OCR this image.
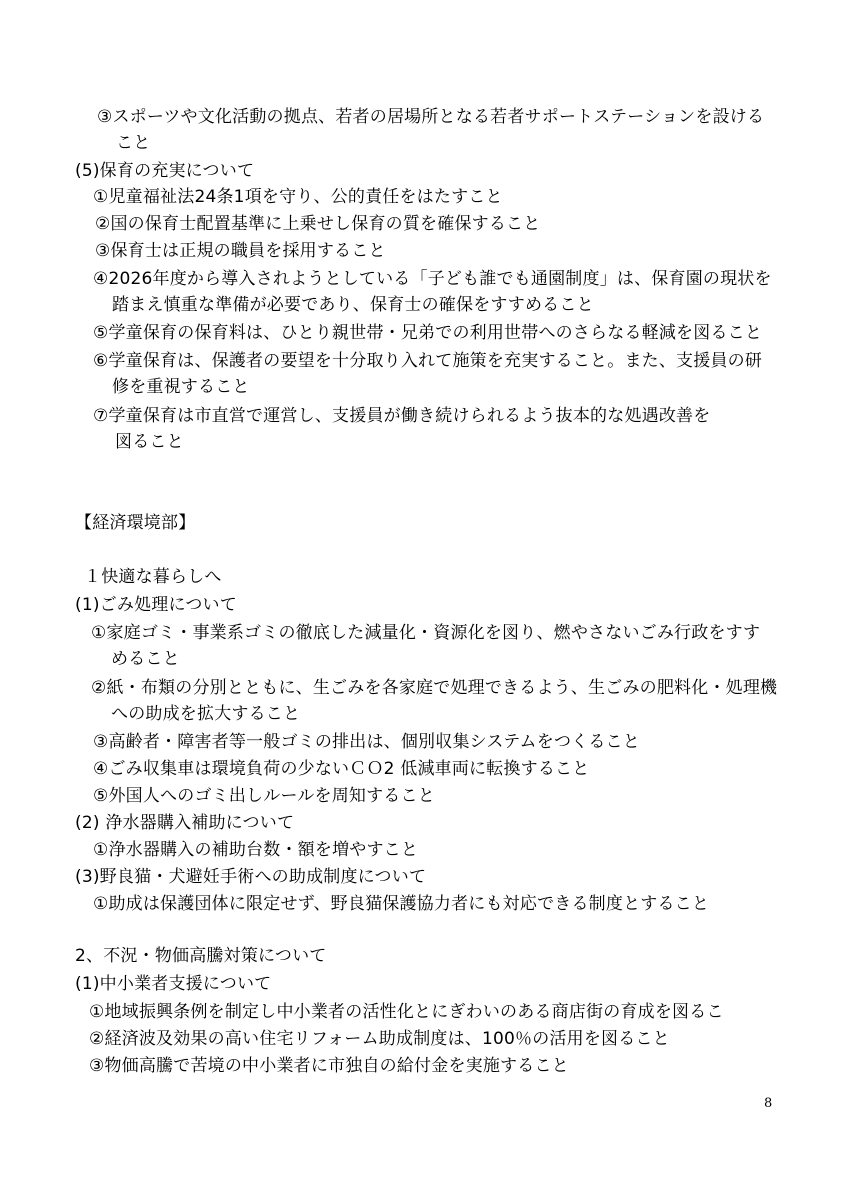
③スポーツや文化活動の拠点、若者の居場所となる若者サポートステーションを設ける
こと
(5)保育の充実について
①児童福祉法24条1項を守り、公的責任をはたすこと
②国の保育士配置基準に上乗せし保育の質を確保すること
③保育士は正規の職員を採用すること
④2026年度から導入されようとしている「子ども誰でも通園制度」は、保育園の現状を
踏まえ慎重な準備が必要であり、保育士の確保をすすめること
⑤学童保育の保育料は、ひとり親世帯・兄弟での利用世帯へのさらなる軽減を図ること
⑥学童保育は、保護者の要望を十分取り入れて施策を充実すること。また、支援員の研
修を重視すること
⑦学童保育は市直営で運営し、支援員が働き続けられるよう抜本的な処遇改善を
図ること
【経済環境部】
１快適な暮らしへ
(1)ごみ処理について
①家庭ゴミ・事業系ゴミの徹底した減量化・資源化を図り、燃やさないごみ行政をすす
めること
②紙・布類の分別とともに、生ごみを各家庭で処理できるよう、生ごみの肥料化・処理機
への助成を拡大すること
③高齢者・障害者等一般ゴミの排出は、個別収集システムをつくること
④ごみ収集車は環境負荷の少ないＣＯ2 低減車両に転換すること
⑤外国人へのゴミ出しルールを周知すること
(2) 浄水器購入補助について
①浄水器購入の補助台数・額を増やすこと
(3)野良猫・犬避妊手術への助成制度について
①助成は保護団体に限定せず、野良猫保護協力者にも対応できる制度とすること
2、不況・物価高騰対策について
(1)中小業者支援について
①地域振興条例を制定し中小業者の活性化とにぎわいのある商店街の育成を図るこ
②経済波及効果の高い住宅リフォーム助成制度は、100％の活用を図ること
③物価高騰で苦境の中小業者に市独自の給付金を実施すること
8
